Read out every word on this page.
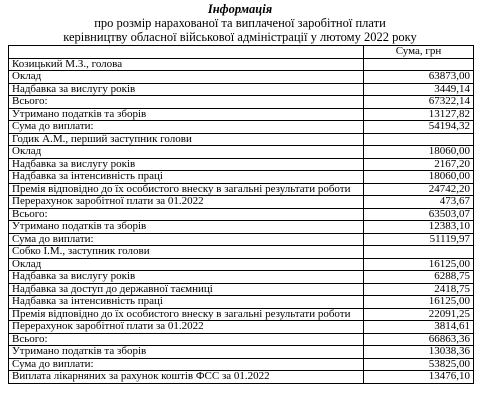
Інформація
про розмір нарахованої та виплаченої заробітної плати
керівництву обласної військової адміністрації у лютому 2022 року
	Сума, грн
Козицький М.З., голова	
Оклад	63873,00
Надбавка за вислугу років	3449,14
Всього:	67322,14
Утримано податків та зборів	13127,82
Сума до виплати:	54194,32
Годик А.М., перший заступник голови	
Оклад	18060,00
Надбавка за вислугу років	2167,20
Надбавка за інтенсивність праці	18060,00
Премія відповідно до їх особистого внеску в загальні результати роботи	24742,20
Перерахунок заробітної плати за 01.2022	473,67
Всього:	63503,07
Утримано податків та зборів	12383,10
Сума до виплати:	51119,97
Собко І.М., заступник голови	
Оклад	16125,00
Надбавка за вислугу років	6288,75
Надбавка за доступ до державної таємниці	2418,75
Надбавка за інтенсивність праці	16125,00
Премія відповідно до їх особистого внеску в загальні результати роботи	22091,25
Перерахунок заробітної плати за 01.2022	3814,61
Всього:	66863,36
Утримано податків та зборів	13038,36
Сума до виплати:	53825,00
Виплата лікарняних за рахунок коштів ФСС за 01.2022	13476,10
